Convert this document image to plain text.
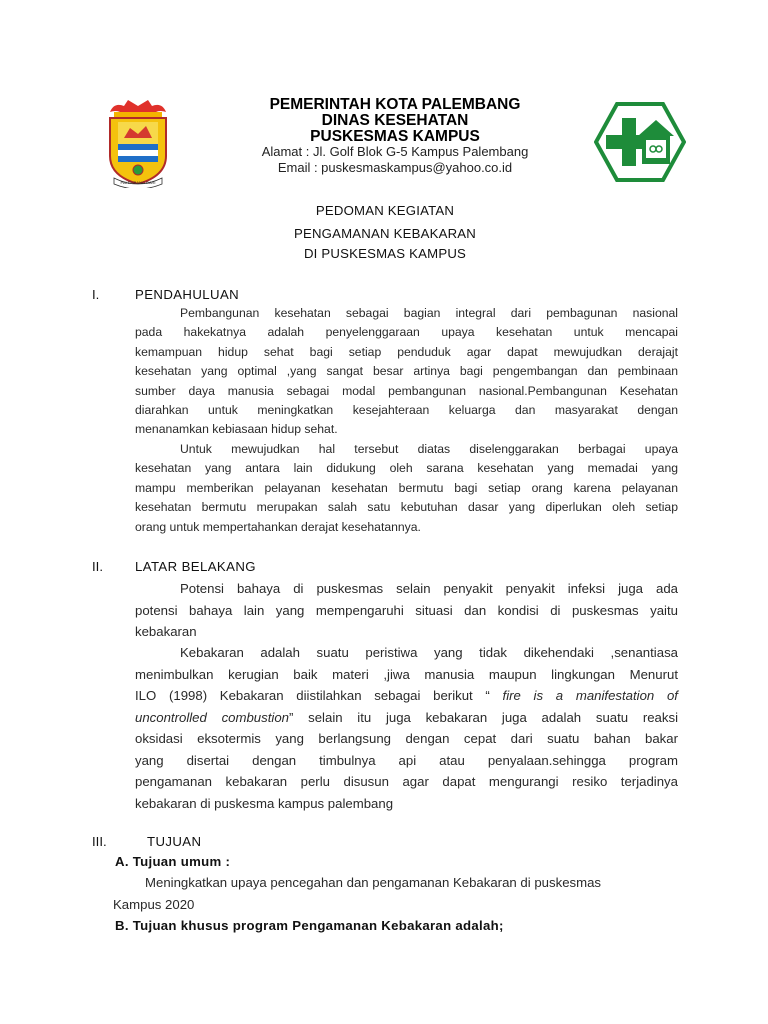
PALEMBANG BARI
PEMERINTAH KOTA PALEMBANG
DINAS KESEHATAN
PUSKESMAS KAMPUS
Alamat : Jl. Golf Blok G-5 Kampus Palembang
Email : puskesmaskampus@yahoo.co.id
PEDOMAN KEGIATAN
PENGAMANAN KEBAKARAN
DI PUSKESMAS KAMPUS
I.	PENDAHULUAN
Pembangunan kesehatan sebagai bagian integral dari pembagunan nasional
pada hakekatnya adalah penyelenggaraan upaya kesehatan untuk mencapai
kemampuan hidup sehat bagi setiap penduduk agar dapat mewujudkan derajajt
kesehatan yang optimal ,yang sangat besar artinya bagi pengembangan dan pembinaan
sumber daya manusia sebagai modal pembangunan nasional.Pembangunan Kesehatan
diarahkan untuk meningkatkan kesejahteraan keluarga dan masyarakat dengan
menanamkan kebiasaan hidup sehat.
Untuk mewujudkan hal tersebut diatas diselenggarakan berbagai upaya
kesehatan yang antara lain didukung oleh sarana kesehatan yang memadai yang
mampu memberikan pelayanan kesehatan bermutu bagi setiap orang karena pelayanan
kesehatan bermutu merupakan salah satu kebutuhan dasar yang diperlukan oleh setiap
orang untuk mempertahankan derajat kesehatannya.
II. LATAR BELAKANG
Potensi bahaya di puskesmas selain penyakit penyakit infeksi juga ada
potensi bahaya lain yang mempengaruhi situasi dan kondisi di puskesmas yaitu
kebakaran
Kebakaran adalah suatu peristiwa yang tidak dikehendaki ,senantiasa
menimbulkan kerugian baik materi ,jiwa manusia maupun lingkungan Menurut
ILO (1998) Kebakaran diistilahkan sebagai berikut “ fire is a manifestation of
uncontrolled combustion” selain itu juga kebakaran juga adalah suatu reaksi
oksidasi eksotermis yang berlangsung dengan cepat dari suatu bahan bakar
yang disertai dengan timbulnya api atau penyalaan.sehingga program
pengamanan kebakaran perlu disusun agar dapat mengurangi resiko terjadinya
kebakaran di puskesma kampus palembang
III.	TUJUAN
A. Tujuan umum :
Meningkatkan upaya pencegahan dan pengamanan Kebakaran di puskesmas
Kampus 2020
B. Tujuan khusus program Pengamanan Kebakaran adalah;
